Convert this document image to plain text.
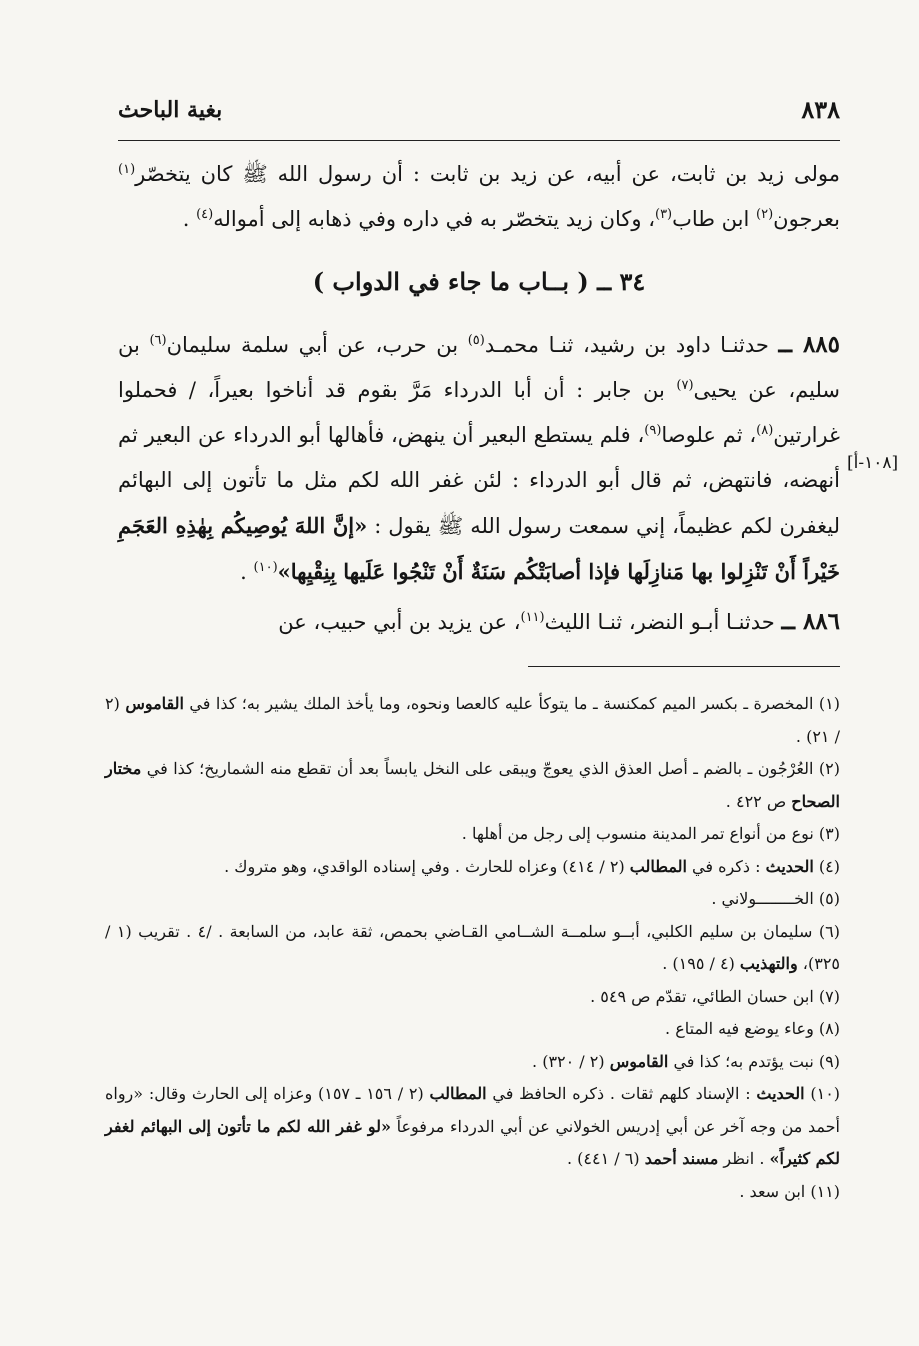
٨٣٨
بغية الباحث

مولى زيد بن ثابت، عن أبيه، عن زيد بن ثابت : أن رسول الله ﷺ كان يتخصّر$^{(١)}$ بعرجون$^{(٢)}$ ابن طاب$^{(٣)}$، وكان زيد يتخصّر به في داره وفي ذهابه إلى أمواله$^{(٤)}$ .

٣٤ ــ ( بــاب ما جاء في الدواب )

٨٨٥ ــ حدثنـا داود بن رشيد، ثنـا محمـد$^{(٥)}$ بن حرب، عن أبي سلمة سليمان$^{(٦)}$ بن سليم، عن يحيى$^{(٧)}$ بن جابر : أن أبا الدرداء مَرَّ بقوم قد أناخوا بعيراً، / فحملوا غرارتين$^{(٨)}$، ثم علوصا$^{(٩)}$، فلم يستطع البعير أن ينهض، فأهالها أبو الدرداء عن البعير ثم أنهضه، فانتهض، ثم قال أبو الدرداء : لئن غفر الله لكم مثل ما تأتون إلى البهائم ليغفرن لكم عظيماً، إني سمعت رسول الله ﷺ يقول : «إنَّ اللهَ يُوصِيكُم بِهٰذِهِ العَجَمِ خَيْراً أَنْ تَنْزِلوا بها مَنازِلَها فإذا أصابَتْكُم سَنَةٌ أَنْ تَنْجُوا عَلَيها بِنِقْيِها»$^{(١٠)}$ .

٨٨٦ ــ حدثنـا أبـو النضر، ثنـا الليث$^{(١١)}$، عن يزيد بن أبي حبيب، عن

[١٠٨-أ]

(١) المخصرة ـ بكسر الميم كمكنسة ـ ما يتوكأ عليه كالعصا ونحوه، وما يأخذ الملك يشير به؛ كذا في القاموس (٢ / ٢١) .

(٢) العُرْجُون ـ بالضم ـ أصل العذق الذي يعوجّ ويبقى على النخل يابساً بعد أن تقطع منه الشماريخ؛ كذا في مختار الصحاح ص ٤٢٢ .

(٣) نوع من أنواع تمر المدينة منسوب إلى رجل من أهلها .

(٤) الحديث : ذكره في المطالب (٢ / ٤١٤) وعزاه للحارث . وفي إسناده الواقدي، وهو متروك .

(٥) الخــــــــولاني .

(٦) سليمان بن سليم الكلبي، أبــو سلمــة الشــامي القـاضي بحمص، ثقة عابد، من السابعة . /٤ . تقريب (١ / ٣٢٥)، والتهذيب (٤ / ١٩٥) .

(٧) ابن حسان الطائي، تقدّم ص ٥٤٩ .

(٨) وعاء يوضع فيه المتاع .

(٩) نبت يؤتدم به؛ كذا في القاموس (٢ / ٣٢٠) .

(١٠) الحديث : الإسناد كلهم ثقات . ذكره الحافظ في المطالب (٢ / ١٥٦ ـ ١٥٧) وعزاه إلى الحارث وقال: «رواه أحمد من وجه آخر عن أبي إدريس الخولاني عن أبي الدرداء مرفوعاً «لو غفر الله لكم ما تأتون إلى البهائم لغفر لكم كثيراً» . انظر مسند أحمد (٦ / ٤٤١) .

(١١) ابن سعد .
